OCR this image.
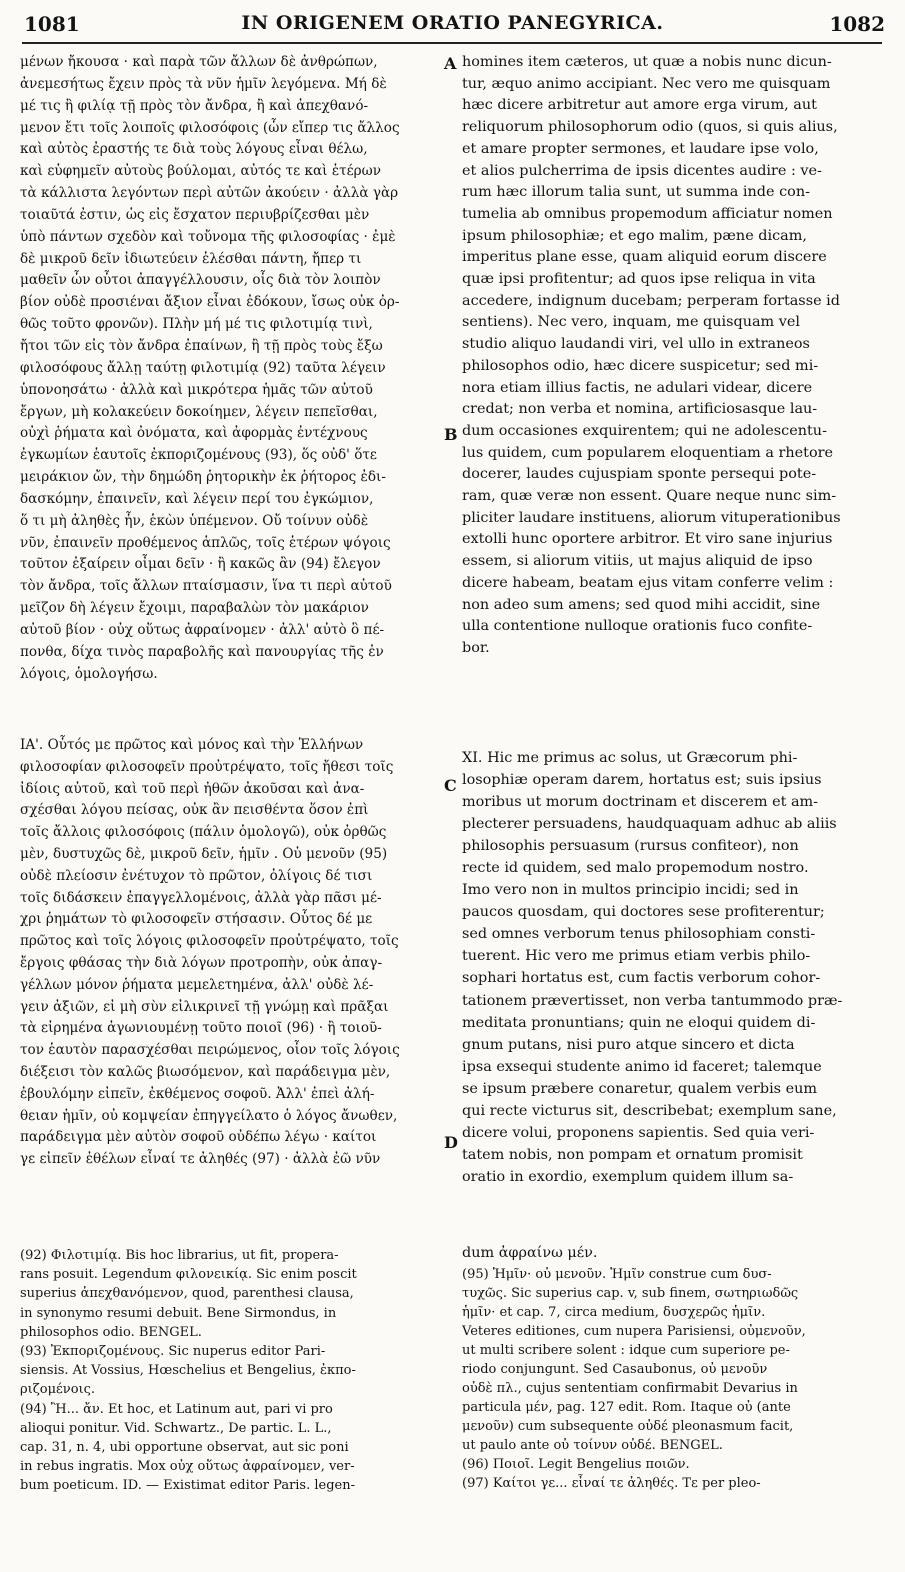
1081	IN ORIGENEM ORATIO PANEGYRICA.	1082
A
B
C
D

μένων ἤκουσα · καὶ παρὰ τῶν ἄλλων δὲ ἀνθρώπων,

ἀνεμεσήτως ἔχειν πρὸς τὰ νῦν ἡμῖν λεγόμενα. Μή δὲ

μέ τις ἢ φιλίᾳ τῇ πρὸς τὸν ἄνδρα, ἢ καὶ ἀπεχθανό-

μενον ἔτι τοῖς λοιποῖς φιλοσόφοις (ὧν εἴπερ τις ἄλλος

καὶ αὐτὸς ἐραστής τε διὰ τοὺς λόγους εἶναι θέλω,

καὶ εὐφημεῖν αὐτοὺς βούλομαι, αὐτός τε καὶ ἑτέρων

τὰ κάλλιστα λεγόντων περὶ αὐτῶν ἀκούειν · ἀλλὰ γὰρ

τοιαῦτά ἐστιν, ὡς εἰς ἔσχατον περιυβρίζεσθαι μὲν

ὑπὸ πάντων σχεδὸν καὶ τοὔνομα τῆς φιλοσοφίας · ἐμὲ

δὲ μικροῦ δεῖν ἰδιωτεύειν ἑλέσθαι πάντη, ἤπερ τι

μαθεῖν ὧν οὗτοι ἀπαγγέλλουσιν, οἷς διὰ τὸν λοιπὸν

βίον οὐδὲ προσιέναι ἄξιον εἶναι ἐδόκουν, ἴσως οὐκ ὀρ-

θῶς τοῦτο φρονῶν). Πλὴν μή μέ τις φιλοτιμίᾳ τινὶ,

ἤτοι τῶν εἰς τὸν ἄνδρα ἐπαίνων, ἢ τῇ πρὸς τοὺς ἔξω

φιλοσόφους ἄλλῃ ταύτῃ φιλοτιμίᾳ (92) ταῦτα λέγειν

ὑπονοησάτω · ἀλλὰ καὶ μικρότερα ἡμᾶς τῶν αὐτοῦ

ἔργων, μὴ κολακεύειν δοκοίημεν, λέγειν πεπεῖσθαι,

οὐχὶ ῥήματα καὶ ὀνόματα, καὶ ἀφορμὰς ἐντέχνους

ἐγκωμίων ἑαυτοῖς ἐκποριζομένους (93), ὅς οὐδ' ὅτε

μειράκιον ὤν, τὴν δημώδη ῥητορικὴν ἐκ ῥήτορος ἐδι-

δασκόμην, ἐπαινεῖν, καὶ λέγειν περί του ἐγκώμιον,

ὅ τι μὴ ἀληθὲς ἦν, ἑκὼν ὑπέμενον. Οὔ τοίνυν οὐδὲ

νῦν, ἐπαινεῖν προθέμενος ἁπλῶς, τοῖς ἑτέρων ψόγοις

τοῦτον ἐξαίρειν οἶμαι δεῖν · ἢ κακῶς ἂν (94) ἔλεγον

τὸν ἄνδρα, τοῖς ἄλλων πταίσμασιν, ἵνα τι περὶ αὐτοῦ

μεῖζον δὴ λέγειν ἔχοιμι, παραβαλὼν τὸν μακάριον

αὐτοῦ βίον · οὐχ οὕτως ἀφραίνομεν · ἀλλ' αὐτὸ ὃ πέ-

πονθα, δίχα τινὸς παραβολῆς καὶ πανουργίας τῆς ἐν

λόγοις, ὁμολογήσω.

ΙΑ'. Οὗτός με πρῶτος καὶ μόνος καὶ τὴν Ἑλλήνων

φιλοσοφίαν φιλοσοφεῖν προὐτρέψατο, τοῖς ἤθεσι τοῖς

ἰδίοις αὐτοῦ, καὶ τοῦ περὶ ἠθῶν ἀκοῦσαι καὶ ἀνα-

σχέσθαι λόγου πείσας, οὐκ ἂν πεισθέντα ὅσον ἐπὶ

τοῖς ἄλλοις φιλοσόφοις (πάλιν ὁμολογῶ), οὐκ ὀρθῶς

μὲν, δυστυχῶς δὲ, μικροῦ δεῖν, ἡμῖν . Οὐ μενοῦν (95)

οὐδὲ πλείοσιν ἐνέτυχον τὸ πρῶτον, ὀλίγοις δέ τισι

τοῖς διδάσκειν ἐπαγγελλομένοις, ἀλλὰ γὰρ πᾶσι μέ-

χρι ῥημάτων τὸ φιλοσοφεῖν στήσασιν. Οὗτος δέ με

πρῶτος καὶ τοῖς λόγοις φιλοσοφεῖν προὐτρέψατο, τοῖς

ἔργοις φθάσας τὴν διὰ λόγων προτροπὴν, οὐκ ἀπαγ-

γέλλων μόνον ῥήματα μεμελετημένα, ἀλλ' οὐδὲ λέ-

γειν ἀξιῶν, εἰ μὴ σὺν εἰλικρινεῖ τῇ γνώμῃ καὶ πρᾶξαι

τὰ εἰρημένα ἀγωνιουμένῃ τοῦτο ποιοῖ (96) · ἢ τοιοῦ-

τον ἑαυτὸν παρασχέσθαι πειρώμενος, οἷον τοῖς λόγοις

διέξεισι τὸν καλῶς βιωσόμενον, καὶ παράδειγμα μὲν,

ἐβουλόμην εἰπεῖν, ἐκθέμενος σοφοῦ. Ἀλλ' ἐπεὶ ἀλή-

θειαν ἡμῖν, οὐ κομψείαν ἐπηγγείλατο ὁ λόγος ἄνωθεν,

παράδειγμα μὲν αὐτὸν σοφοῦ οὐδέπω λέγω · καίτοι

γε εἰπεῖν ἐθέλων εἶναί τε ἀληθές (97) · ἀλλὰ ἐῶ νῦν

homines item cæteros, ut quæ a nobis nunc dicun-

tur, æquo animo accipiant. Nec vero me quisquam

hæc dicere arbitretur aut amore erga virum, aut

reliquorum philosophorum odio (quos, si quis alius,

et amare propter sermones, et laudare ipse volo,

et alios pulcherrima de ipsis dicentes audire : ve-

rum hæc illorum talia sunt, ut summa inde con-

tumelia ab omnibus propemodum afficiatur nomen

ipsum philosophiæ; et ego malim, pæne dicam,

imperitus plane esse, quam aliquid eorum discere

quæ ipsi profitentur; ad quos ipse reliqua in vita

accedere, indignum ducebam; perperam fortasse id

sentiens). Nec vero, inquam, me quisquam vel

studio aliquo laudandi viri, vel ullo in extraneos

philosophos odio, hæc dicere suspicetur; sed mi-

nora etiam illius factis, ne adulari videar, dicere

credat; non verba et nomina, artificiosasque lau-

dum occasiones exquirentem; qui ne adolescentu-

lus quidem, cum popularem eloquentiam a rhetore

docerer, laudes cujuspiam sponte persequi pote-

ram, quæ veræ non essent. Quare neque nunc sim-

pliciter laudare instituens, aliorum vituperationibus

extolli hunc oportere arbitror. Et viro sane injurius

essem, si aliorum vitiis, ut majus aliquid de ipso

dicere habeam, beatam ejus vitam conferre velim :

non adeo sum amens; sed quod mihi accidit, sine

ulla contentione nulloque orationis fuco confite-

bor.

XI. Hic me primus ac solus, ut Græcorum phi-

losophiæ operam darem, hortatus est; suis ipsius

moribus ut morum doctrinam et discerem et am-

plecterer persuadens, haudquaquam adhuc ab aliis

philosophis persuasum (rursus confiteor), non

recte id quidem, sed malo propemodum nostro.

Imo vero non in multos principio incidi; sed in

paucos quosdam, qui doctores sese profiterentur;

sed omnes verborum tenus philosophiam consti-

tuerent. Hic vero me primus etiam verbis philo-

sophari hortatus est, cum factis verborum cohor-

tationem prævertisset, non verba tantummodo præ-

meditata pronuntians; quin ne eloqui quidem di-

gnum putans, nisi puro atque sincero et dicta

ipsa exsequi studente animo id faceret; talemque

se ipsum præbere conaretur, qualem verbis eum

qui recte victurus sit, describebat; exemplum sane,

dicere volui, proponens sapientis. Sed quia veri-

tatem nobis, non pompam et ornatum promisit

oratio in exordio, exemplum quidem illum sa-

dum ἀφραίνω μέν.

(92) Φιλοτιμίᾳ. Bis hoc librarius, ut fit, propera-

rans posuit. Legendum φιλονεικίᾳ. Sic enim poscit

superius ἀπεχθανόμενον, quod, parenthesi clausa,

in synonymo resumi debuit. Bene Sirmondus, in

philosophos odio. BENGEL.

(93) Ἐκποριζομένους. Sic nuperus editor Pari-

siensis. At Vossius, Hœschelius et Bengelius, ἐκπο-

ριζομένοις.

(94) Ἢ... ἄν. Et hoc, et Latinum aut, pari vi pro

alioqui ponitur. Vid. Schwartz., De partic. L. L.,

cap. 31, n. 4, ubi opportune observat, aut sic poni

in rebus ingratis. Mox οὐχ οὕτως ἀφραίνομεν, ver-

bum poeticum. ID. — Existimat editor Paris. legen-

(95) Ἡμῖν· οὐ μενοῦν. Ἡμῖν construe cum δυσ-

τυχῶς. Sic superius cap. v, sub finem, σωτηριωδῶς

ἡμῖν· et cap. 7, circa medium, δυσχερῶς ἡμῖν.

Veteres editiones, cum nupera Parisiensi, οὐμενοῦν,

ut multi scribere solent : idque cum superiore pe-

riodo conjungunt. Sed Casaubonus, οὐ μενοῦν

οὐδὲ πλ., cujus sententiam confirmabit Devarius in

particula μέν, pag. 127 edit. Rom. Itaque οὐ (ante

μενοῦν) cum subsequente οὐδέ pleonasmum facit,

ut paulo ante οὐ τοίνυν οὐδέ. BENGEL.

(96) Ποιοῖ. Legit Bengelius ποιῶν.

(97) Καίτοι γε... εἶναί τε ἀληθές. Τε per pleo-
